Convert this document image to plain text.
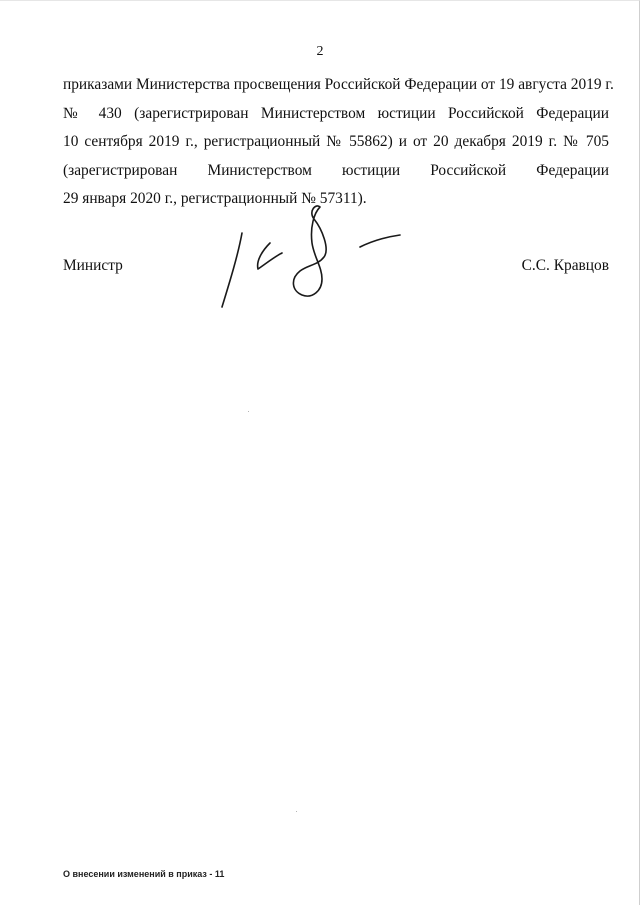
2
приказами Министерства просвещения Российской Федерации от 19 августа 2019 г.
№ 430 (зарегистрирован Министерством юстиции Российской Федерации
10 сентября 2019 г., регистрационный № 55862) и от 20 декабря 2019 г. № 705
(зарегистрирован Министерством юстиции Российской Федерации
29 января 2020 г., регистрационный № 57311).
Министр	С.С. Кравцов
О внесении изменений в приказ - 11
